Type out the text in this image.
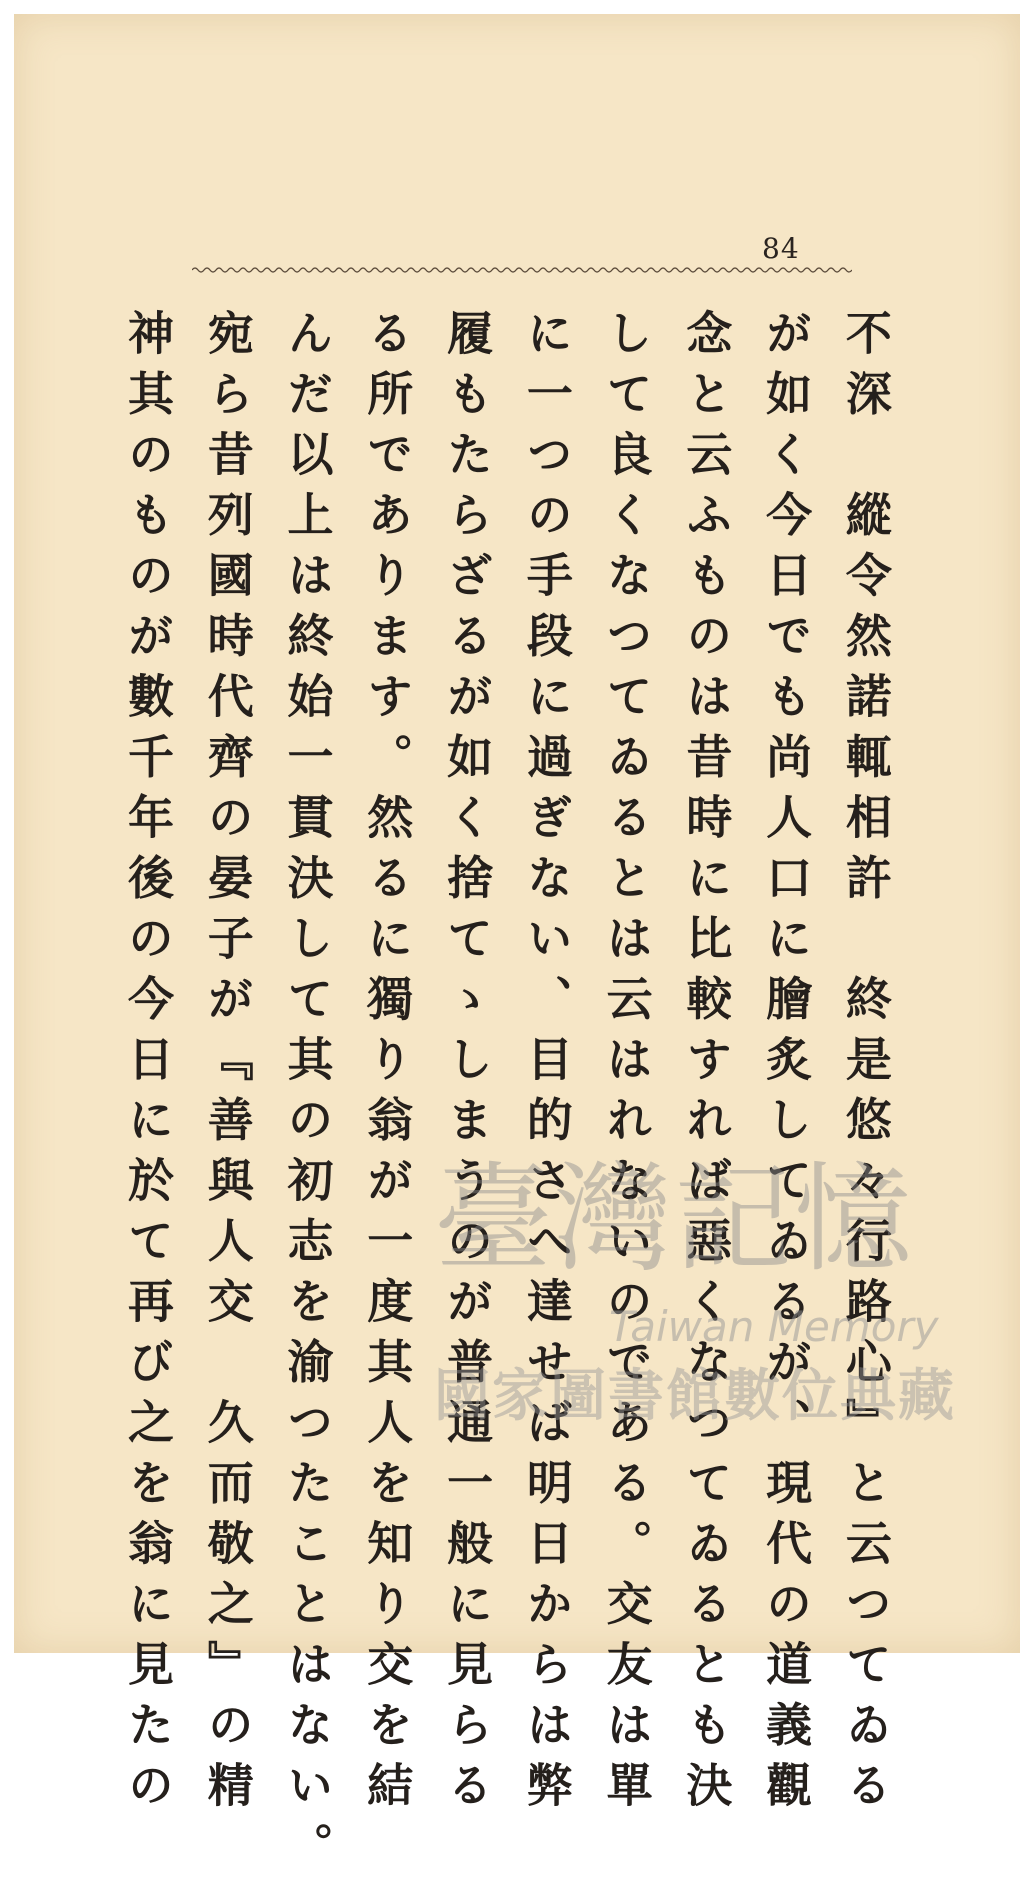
84
不深　縱令然諾輒相許　終是悠々行路心』と云つてゐる
が如く今日でも尚人口に膾炙してゐるが、現代の道義觀
念と云ふものは昔時に比較すれば惡くなつてゐるとも決
して良くなつてゐるとは云はれないのである。交友は單
に一つの手段に過ぎない、目的さへ達せば明日からは弊
履もたらざるが如く捨てゝしまうのが普通一般に見らる
る所であります。然るに獨り翁が一度其人を知り交を結
んだ以上は終始一貫決して其の初志を渝つたことはない。
宛ら昔列國時代齊の晏子が『善與人交　久而敬之』の精
神其のものが數千年後の今日に於て再び之を翁に見たの 臺灣記憶
Taiwan Memory
國家圖書館數位典藏
